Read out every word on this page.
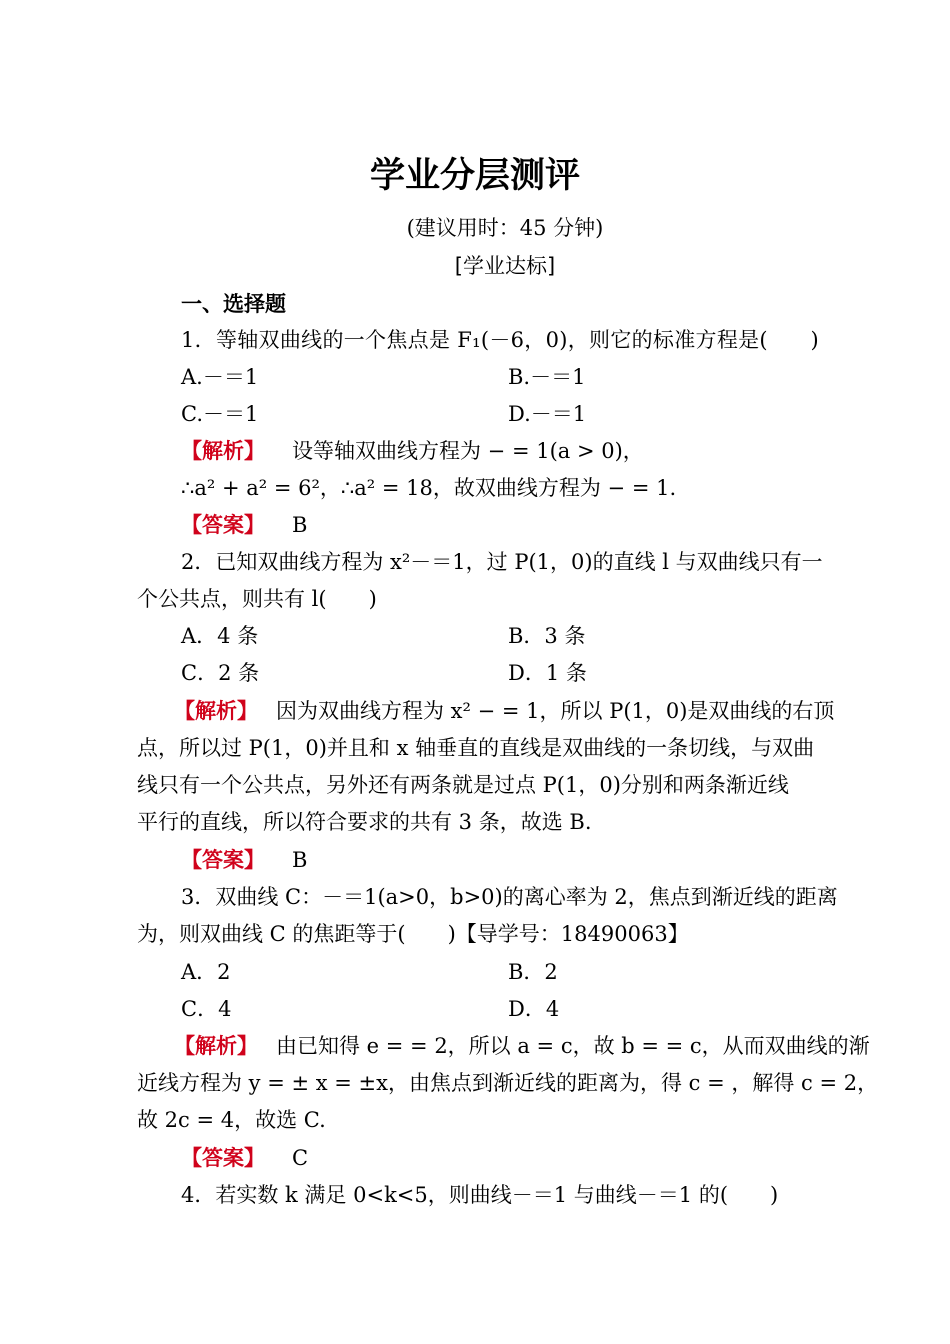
学业分层测评
(建议用时：45 分钟)
[学业达标]
一、选择题
1．等轴双曲线的一个焦点是 F₁(－6，0)，则它的标准方程是(　　)
A.－＝1	B.－＝1
C.－＝1	D.－＝1
【解析】 设等轴双曲线方程为 − = 1(a > 0)，
∴a² + a² = 6²，∴a² = 18，故双曲线方程为 − = 1.
【答案】 B
2．已知双曲线方程为 x²－＝1，过 P(1，0)的直线 l 与双曲线只有一
个公共点，则共有 l(　　)
A．4 条	B．3 条
C．2 条	D．1 条
【解析】 因为双曲线方程为 x² − = 1，所以 P(1，0)是双曲线的右顶
点，所以过 P(1，0)并且和 x 轴垂直的直线是双曲线的一条切线，与双曲
线只有一个公共点，另外还有两条就是过点 P(1，0)分别和两条渐近线
平行的直线，所以符合要求的共有 3 条，故选 B.
【答案】 B
3．双曲线 C：－＝1(a>0，b>0)的离心率为 2，焦点到渐近线的距离
为，则双曲线 C 的焦距等于(　　)【导学号：18490063】
A．2	B．2
C．4	D．4
【解析】 由已知得 e = = 2，所以 a = c，故 b = = c，从而双曲线的渐
近线方程为 y = ± x = ±x，由焦点到渐近线的距离为，得 c = ，解得 c = 2，
故 2c = 4，故选 C.
【答案】 C
4．若实数 k 满足 0<k<5，则曲线－＝1 与曲线－＝1 的(　　)
